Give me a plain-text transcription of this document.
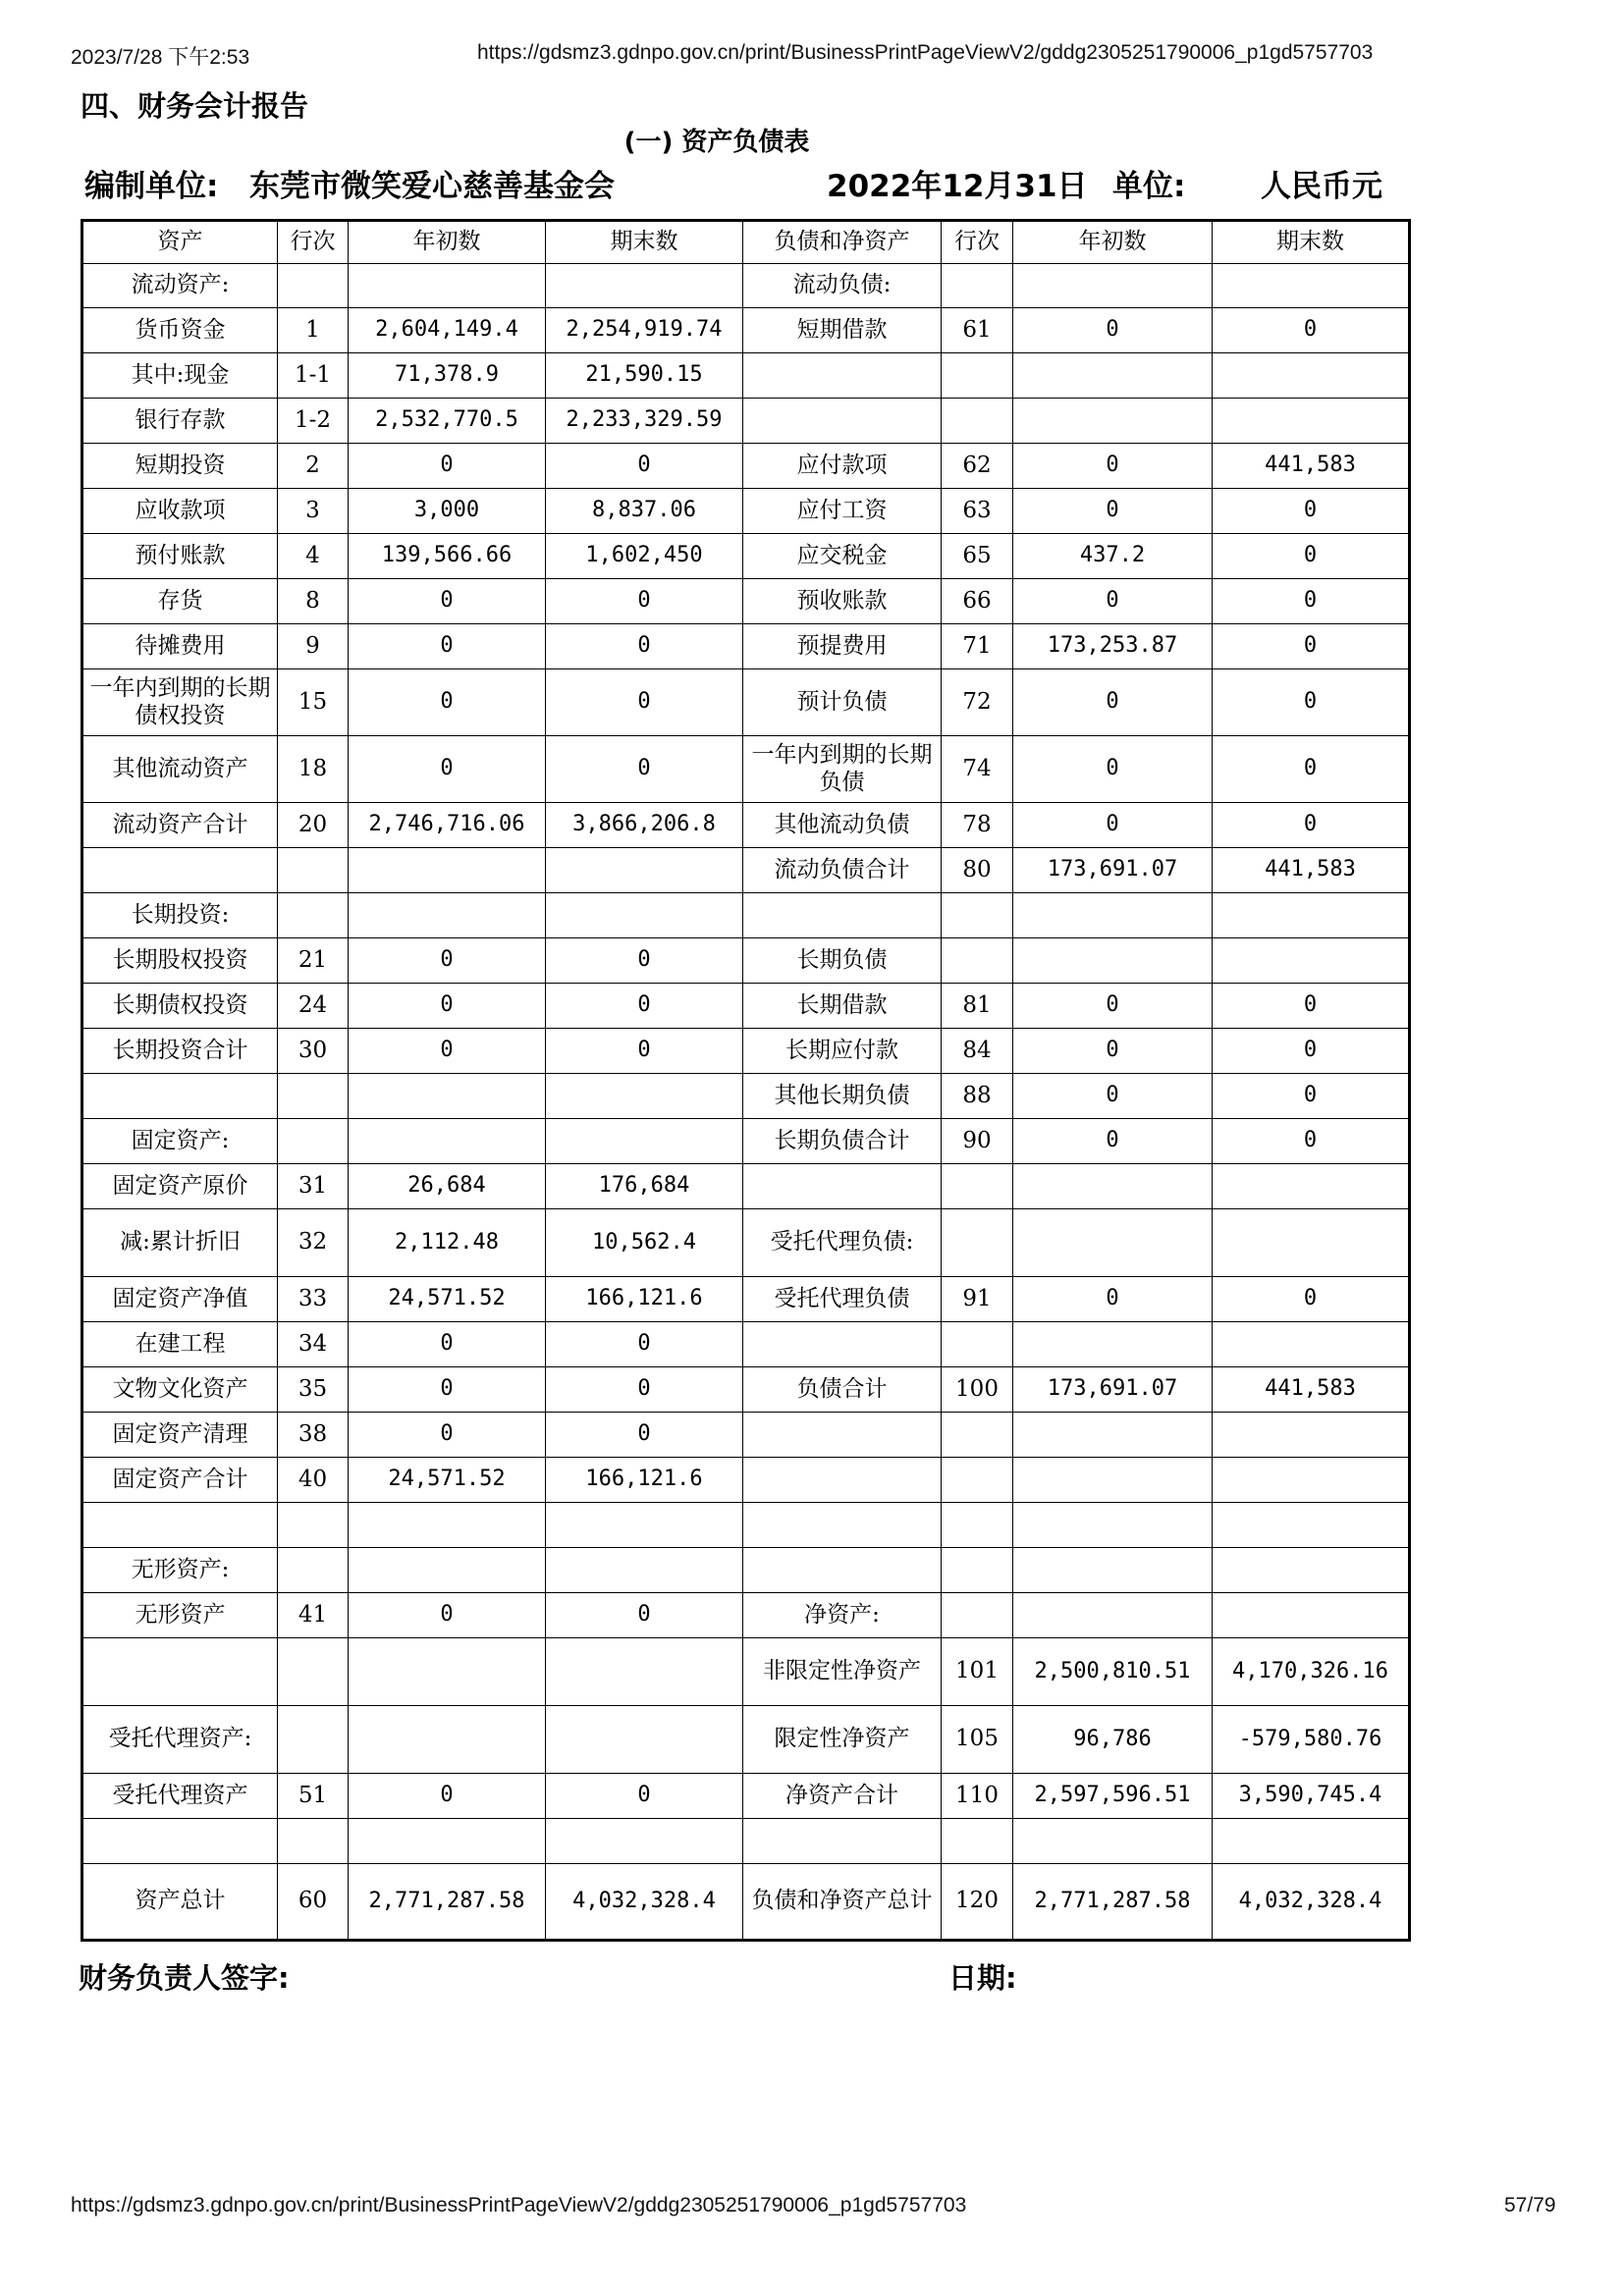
2023/7/28 下午2:53	https://gdsmz3.gdnpo.gov.cn/print/BusinessPrintPageViewV2/gddg2305251790006_p1gd5757703
四、财务会计报告
(一) 资产负债表
编制单位: 东莞市微笑爱心慈善基金会	2022年12月31日 单位: 人民币元
资产	行次	年初数	期末数	负债和净资产	行次	年初数	期末数
流动资产:				流动负债:			
货币资金	1	2,604,149.4	2,254,919.74	短期借款	61	0	0
其中:现金	1-1	71,378.9	21,590.15				
银行存款	1-2	2,532,770.5	2,233,329.59				
短期投资	2	0	0	应付款项	62	0	441,583
应收款项	3	3,000	8,837.06	应付工资	63	0	0
预付账款	4	139,566.66	1,602,450	应交税金	65	437.2	0
存货	8	0	0	预收账款	66	0	0
待摊费用	9	0	0	预提费用	71	173,253.87	0
一年内到期的长期债权投资	15	0	0	预计负债	72	0	0
其他流动资产	18	0	0	一年内到期的长期负债	74	0	0
流动资产合计	20	2,746,716.06	3,866,206.8	其他流动负债	78	0	0
				流动负债合计	80	173,691.07	441,583
长期投资:							
长期股权投资	21	0	0	长期负债			
长期债权投资	24	0	0	长期借款	81	0	0
长期投资合计	30	0	0	长期应付款	84	0	0
				其他长期负债	88	0	0
固定资产:				长期负债合计	90	0	0
固定资产原价	31	26,684	176,684				
减:累计折旧	32	2,112.48	10,562.4	受托代理负债:			
固定资产净值	33	24,571.52	166,121.6	受托代理负债	91	0	0
在建工程	34	0	0				
文物文化资产	35	0	0	负债合计	100	173,691.07	441,583
固定资产清理	38	0	0				
固定资产合计	40	24,571.52	166,121.6				

无形资产:							
无形资产	41	0	0	净资产:			
				非限定性净资产	101	2,500,810.51	4,170,326.16
受托代理资产:				限定性净资产	105	96,786	-579,580.76
受托代理资产	51	0	0	净资产合计	110	2,597,596.51	3,590,745.4

资产总计	60	2,771,287.58	4,032,328.4	负债和净资产总计	120	2,771,287.58	4,032,328.4
财务负责人签字:	日期:
https://gdsmz3.gdnpo.gov.cn/print/BusinessPrintPageViewV2/gddg2305251790006_p1gd5757703	57/79
